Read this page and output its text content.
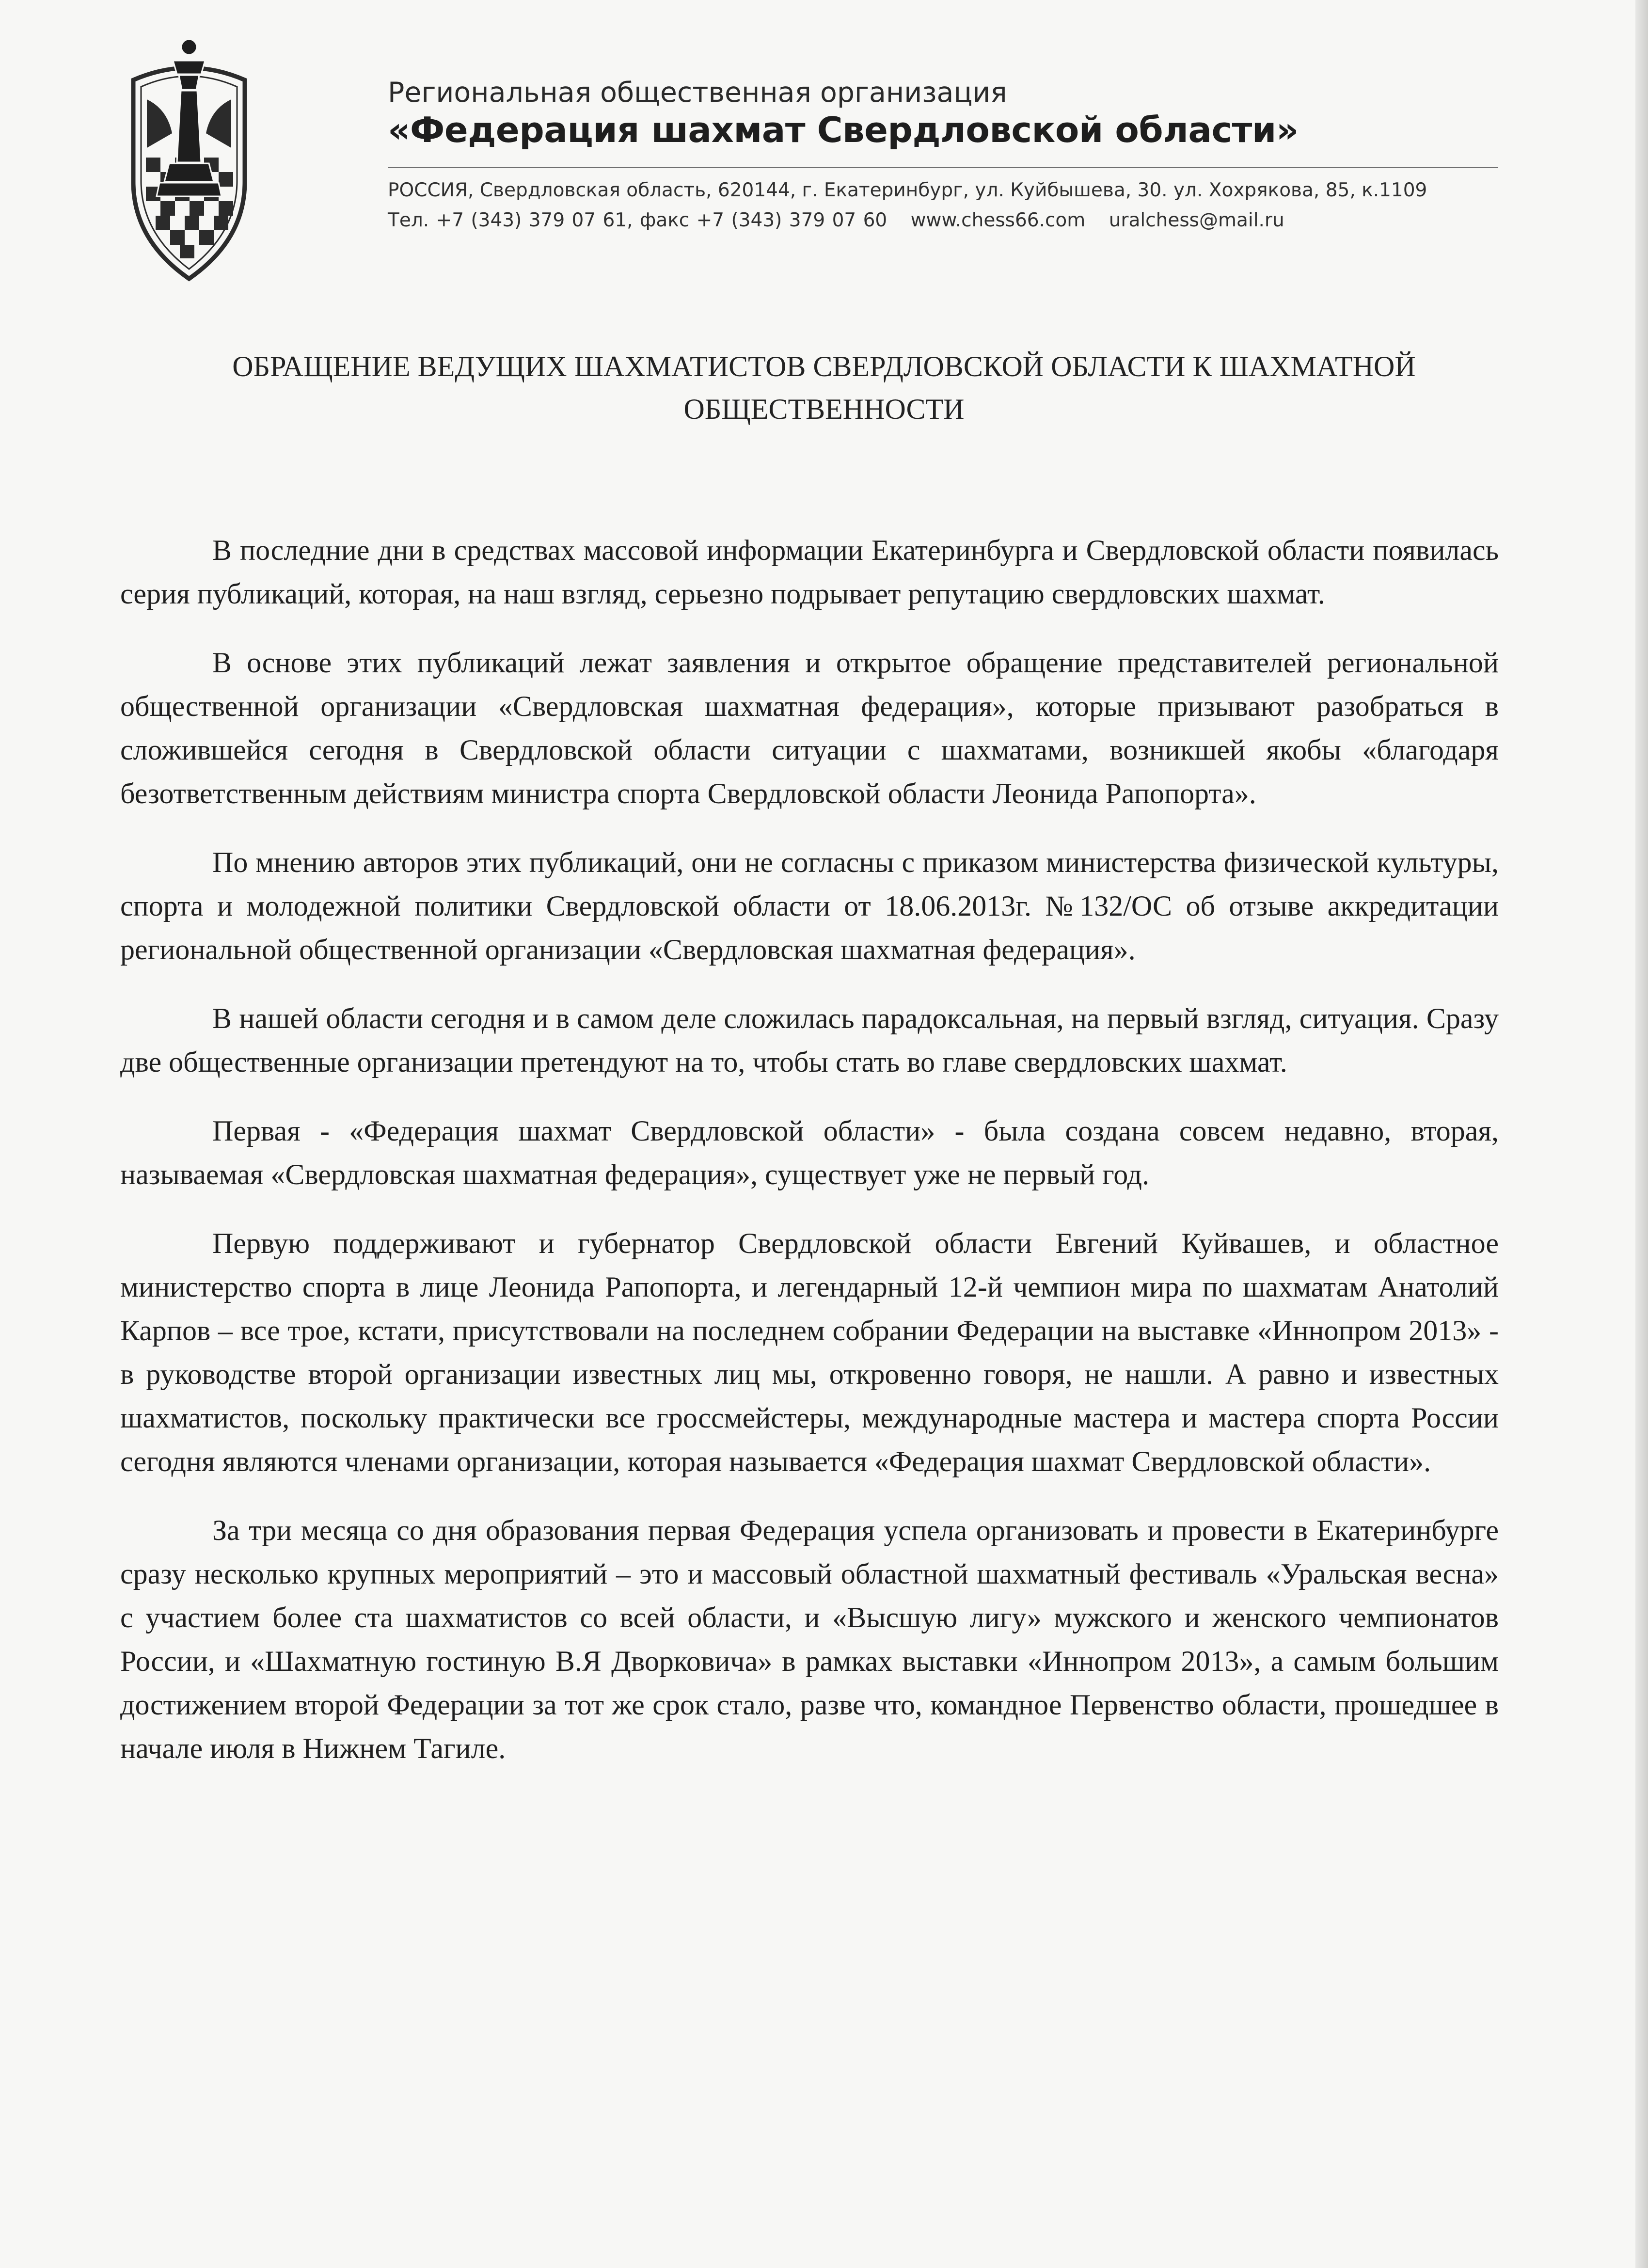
Региональная общественная организация
«Федерация шахмат Свердловской области»
РОССИЯ, Свердловская область, 620144, г. Екатеринбург, ул. Куйбышева, 30. ул. Хохрякова, 85, к.1109
Тел. +7 (343) 379 07 61, факс +7 (343) 379 07 60 www.chess66.com uralchess@mail.ru
ОБРАЩЕНИЕ ВЕДУЩИХ ШАХМАТИСТОВ СВЕРДЛОВСКОЙ ОБЛАСТИ К ШАХМАТНОЙ
ОБЩЕСТВЕННОСТИ

В последние дни в средствах массовой информации Екатеринбурга и Свердловской области появилась серия публикаций, которая, на наш взгляд, серьезно подрывает репутацию свердловских шахмат.

В основе этих публикаций лежат заявления и открытое обращение представителей региональной общественной организации «Свердловская шахматная федерация», которые призывают разобраться в сложившейся сегодня в Свердловской области ситуации с шахматами, возникшей якобы «благодаря безответственным действиям министра спорта Свердловской области Леонида Рапопорта».

По мнению авторов этих публикаций, они не согласны с приказом министерства физической культуры, спорта и молодежной политики Свердловской области от 18.06.2013г. №132/ОС об отзыве аккредитации региональной общественной организации «Свердловская шахматная федерация».

В нашей области сегодня и в самом деле сложилась парадоксальная, на первый взгляд, ситуация. Сразу две общественные организации претендуют на то, чтобы стать во главе свердловских шахмат.

Первая - «Федерация шахмат Свердловской области» - была создана совсем недавно, вторая, называемая «Свердловская шахматная федерация», существует уже не первый год.

Первую поддерживают и губернатор Свердловской области Евгений Куйвашев, и областное министерство спорта в лице Леонида Рапопорта, и легендарный 12-й чемпион мира по шахматам Анатолий Карпов – все трое, кстати, присутствовали на последнем собрании Федерации на выставке «Иннопром 2013» - в руководстве второй организации известных лиц мы, откровенно говоря, не нашли. А равно и известных шахматистов, поскольку практически все гроссмейстеры, международные мастера и мастера спорта России сегодня являются членами организации, которая называется «Федерация шахмат Свердловской области».

За три месяца со дня образования первая Федерация успела организовать и провести в Екатеринбурге сразу несколько крупных мероприятий – это и массовый областной шахматный фестиваль «Уральская весна» с участием более ста шахматистов со всей области, и «Высшую лигу» мужского и женского чемпионатов России, и «Шахматную гостиную В.Я Дворковича» в рамках выставки «Иннопром 2013», а самым большим достижением второй Федерации за тот же срок стало, разве что, командное Первенство области, прошедшее в начале июля в Нижнем Тагиле.
